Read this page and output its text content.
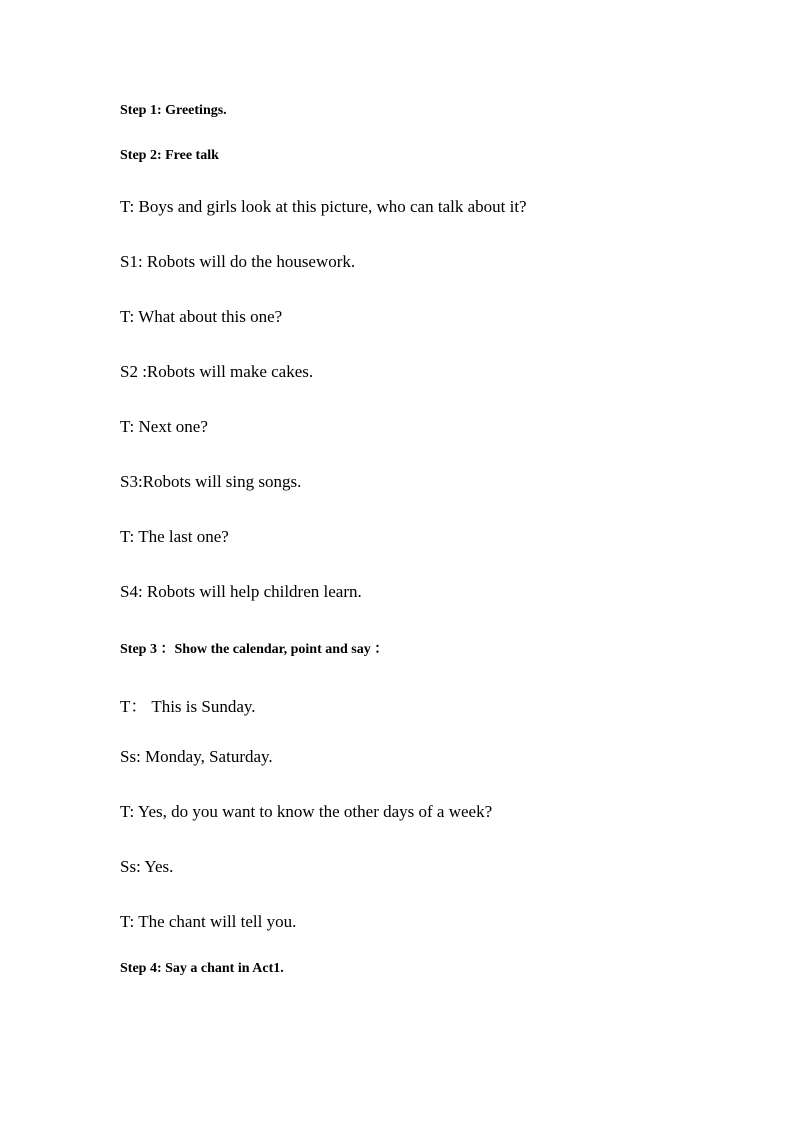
Step 1: Greetings.
Step 2: Free talk
T: Boys and girls look at this picture, who can talk about it?
S1: Robots will do the housework.
T: What about this one?
S2 :Robots will make cakes.
T: Next one?
S3:Robots will sing songs.
T: The last one?
S4: Robots will help children learn.
Step 3 ：Show the calendar, point and say ：
T： This is Sunday.
Ss: Monday, Saturday.
T: Yes, do you want to know the other days of a week?
Ss: Yes.
T: The chant will tell you.
Step 4: Say a chant in Act1.
